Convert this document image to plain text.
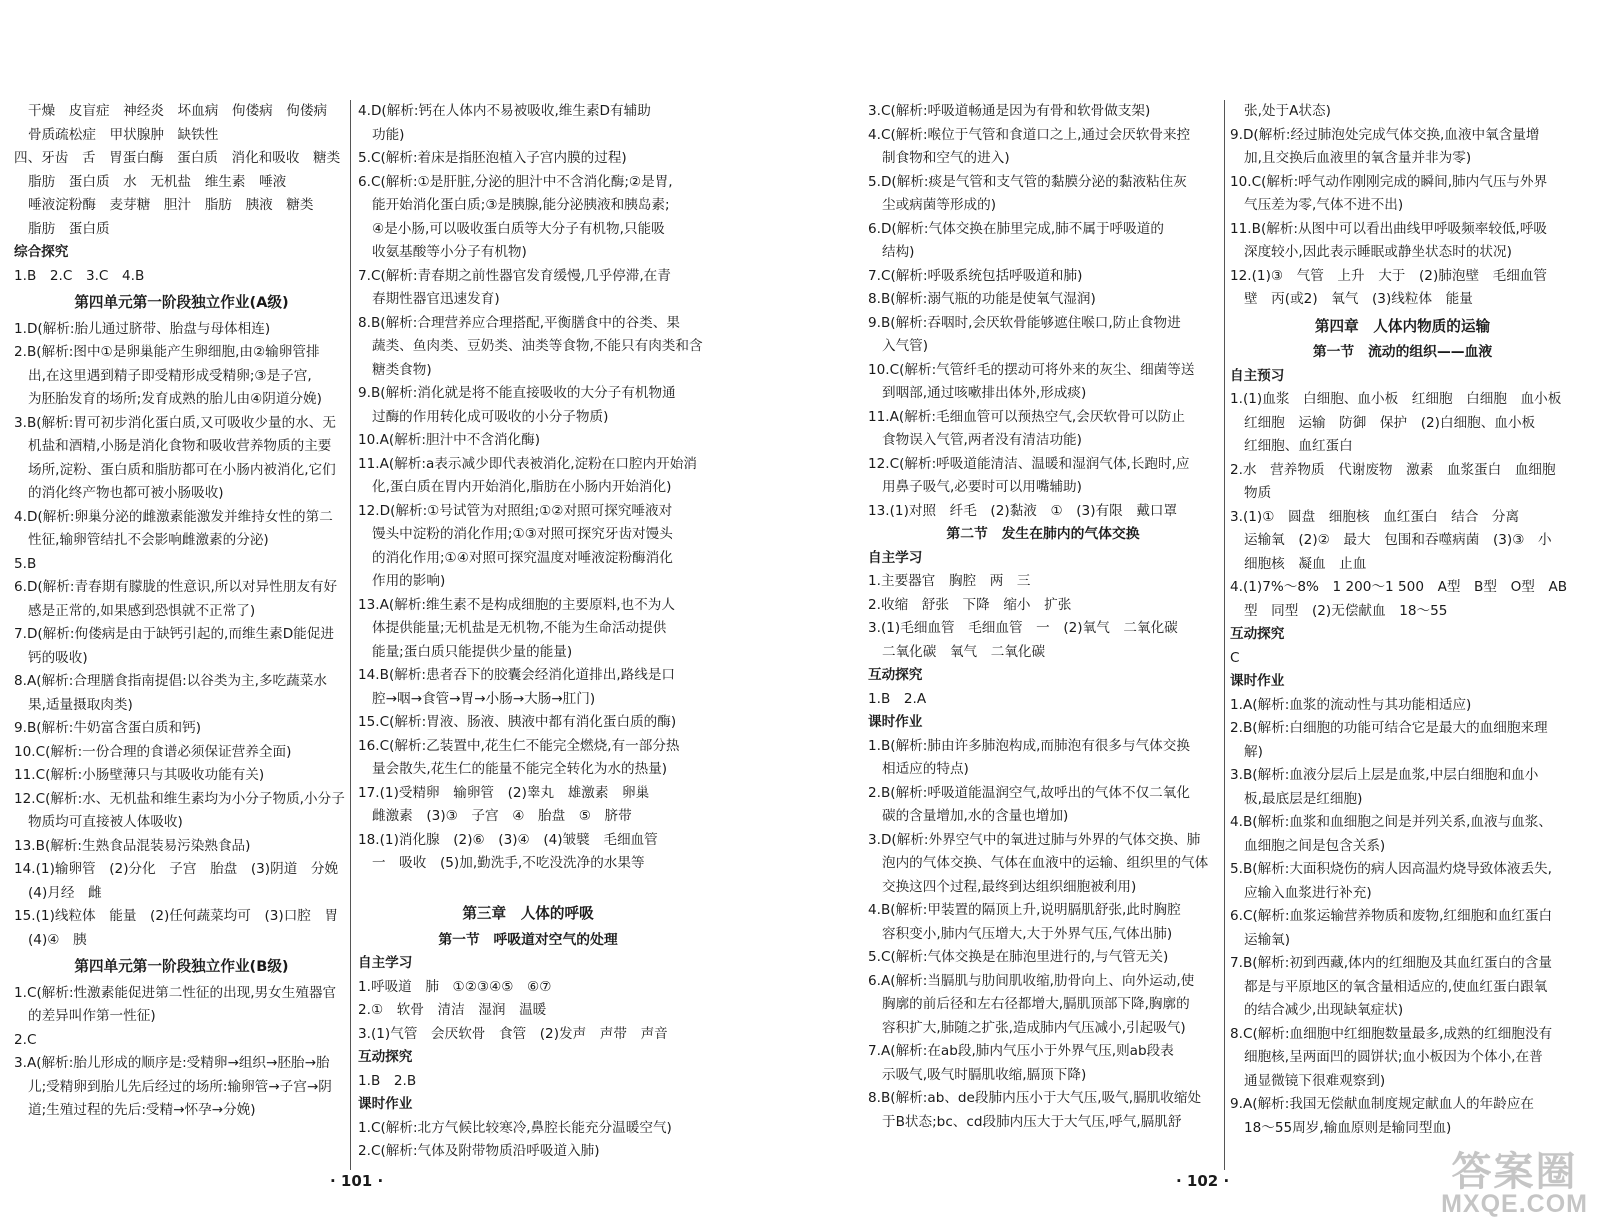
干燥　皮盲症　神经炎　坏血病　佝偻病　佝偻病

骨质疏松症　甲状腺肿　缺铁性

四、牙齿　舌　胃蛋白酶　蛋白质　消化和吸收　糖类

脂肪　蛋白质　水　无机盐　维生素　唾液

唾液淀粉酶　麦芽糖　胆汁　脂肪　胰液　糖类

脂肪　蛋白质

综合探究

1.B　2.C　3.C　4.B

第四单元第一阶段独立作业(A级)

1.D(解析:胎儿通过脐带、胎盘与母体相连)

2.B(解析:图中①是卵巢能产生卵细胞,由②输卵管排

出,在这里遇到精子即受精形成受精卵;③是子宫,

为胚胎发育的场所;发育成熟的胎儿由④阴道分娩)

3.B(解析:胃可初步消化蛋白质,又可吸收少量的水、无

机盐和酒精,小肠是消化食物和吸收营养物质的主要

场所,淀粉、蛋白质和脂肪都可在小肠内被消化,它们

的消化终产物也都可被小肠吸收)

4.D(解析:卵巢分泌的雌激素能激发并维持女性的第二

性征,输卵管结扎不会影响雌激素的分泌)

5.B

6.D(解析:青春期有朦胧的性意识,所以对异性朋友有好

感是正常的,如果感到恐惧就不正常了)

7.D(解析:佝偻病是由于缺钙引起的,而维生素D能促进

钙的吸收)

8.A(解析:合理膳食指南提倡:以谷类为主,多吃蔬菜水

果,适量摄取肉类)

9.B(解析:牛奶富含蛋白质和钙)

10.C(解析:一份合理的食谱必须保证营养全面)

11.C(解析:小肠壁薄只与其吸收功能有关)

12.C(解析:水、无机盐和维生素均为小分子物质,小分子

物质均可直接被人体吸收)

13.B(解析:生熟食品混装易污染熟食品)

14.(1)输卵管　(2)分化　子宫　胎盘　(3)阴道　分娩

(4)月经　雌

15.(1)线粒体　能量　(2)任何蔬菜均可　(3)口腔　胃

(4)④　胰

第四单元第一阶段独立作业(B级)

1.C(解析:性激素能促进第二性征的出现,男女生殖器官

的差异叫作第一性征)

2.C

3.A(解析:胎儿形成的顺序是:受精卵→组织→胚胎→胎

儿;受精卵到胎儿先后经过的场所:输卵管→子宫→阴

道;生殖过程的先后:受精→怀孕→分娩)

4.D(解析:钙在人体内不易被吸收,维生素D有辅助

功能)

5.C(解析:着床是指胚泡植入子宫内膜的过程)

6.C(解析:①是肝脏,分泌的胆汁中不含消化酶;②是胃,

能开始消化蛋白质;③是胰腺,能分泌胰液和胰岛素;

④是小肠,可以吸收蛋白质等大分子有机物,只能吸

收氨基酸等小分子有机物)

7.C(解析:青春期之前性器官发育缓慢,几乎停滞,在青

春期性器官迅速发育)

8.B(解析:合理营养应合理搭配,平衡膳食中的谷类、果

蔬类、鱼肉类、豆奶类、油类等食物,不能只有肉类和含

糖类食物)

9.B(解析:消化就是将不能直接吸收的大分子有机物通

过酶的作用转化成可吸收的小分子物质)

10.A(解析:胆汁中不含消化酶)

11.A(解析:a表示减少即代表被消化,淀粉在口腔内开始消

化,蛋白质在胃内开始消化,脂肪在小肠内开始消化)

12.D(解析:①号试管为对照组;①②对照可探究唾液对

馒头中淀粉的消化作用;①③对照可探究牙齿对馒头

的消化作用;①④对照可探究温度对唾液淀粉酶消化

作用的影响)

13.A(解析:维生素不是构成细胞的主要原料,也不为人

体提供能量;无机盐是无机物,不能为生命活动提供

能量;蛋白质只能提供少量的能量)

14.B(解析:患者吞下的胶囊会经消化道排出,路线是口

腔→咽→食管→胃→小肠→大肠→肛门)

15.C(解析:胃液、肠液、胰液中都有消化蛋白质的酶)

16.C(解析:乙装置中,花生仁不能完全燃烧,有一部分热

量会散失,花生仁的能量不能完全转化为水的热量)

17.(1)受精卵　输卵管　(2)睾丸　雄激素　卵巢

雌激素　(3)③　子宫　④　胎盘　⑤　脐带

18.(1)消化腺　(2)⑥　(3)④　(4)皱襞　毛细血管

一　吸收　(5)加,勤洗手,不吃没洗净的水果等

第三章　人体的呼吸

第一节　呼吸道对空气的处理

自主学习

1.呼吸道　肺　①②③④⑤　⑥⑦

2.①　软骨　清洁　湿润　温暖

3.(1)气管　会厌软骨　食管　(2)发声　声带　声音

互动探究

1.B　2.B

课时作业

1.C(解析:北方气候比较寒冷,鼻腔长能充分温暖空气)

2.C(解析:气体及附带物质沿呼吸道入肺)

· 101 ·

3.C(解析:呼吸道畅通是因为有骨和软骨做支架)

4.C(解析:喉位于气管和食道口之上,通过会厌软骨来控

制食物和空气的进入)

5.D(解析:痰是气管和支气管的黏膜分泌的黏液粘住灰

尘或病菌等形成的)

6.D(解析:气体交换在肺里完成,肺不属于呼吸道的

结构)

7.C(解析:呼吸系统包括呼吸道和肺)

8.B(解析:溺气瓶的功能是使氧气湿润)

9.B(解析:吞咽时,会厌软骨能够遮住喉口,防止食物进

入气管)

10.C(解析:气管纤毛的摆动可将外来的灰尘、细菌等送

到咽部,通过咳嗽排出体外,形成痰)

11.A(解析:毛细血管可以预热空气,会厌软骨可以防止

食物误入气管,两者没有清洁功能)

12.C(解析:呼吸道能清洁、温暖和湿润气体,长跑时,应

用鼻子吸气,必要时可以用嘴辅助)

13.(1)对照　纤毛　(2)黏液　①　(3)有限　戴口罩

第二节　发生在肺内的气体交换

自主学习

1.主要器官　胸腔　两　三

2.收缩　舒张　下降　缩小　扩张

3.(1)毛细血管　毛细血管　一　(2)氧气　二氧化碳

二氧化碳　氧气　二氧化碳

互动探究

1.B　2.A

课时作业

1.B(解析:肺由许多肺泡构成,而肺泡有很多与气体交换

相适应的特点)

2.B(解析:呼吸道能温润空气,故呼出的气体不仅二氧化

碳的含量增加,水的含量也增加)

3.D(解析:外界空气中的氧进过肺与外界的气体交换、肺

泡内的气体交换、气体在血液中的运输、组织里的气体

交换这四个过程,最终到达组织细胞被利用)

4.B(解析:甲装置的隔顶上升,说明膈肌舒张,此时胸腔

容积变小,肺内气压增大,大于外界气压,气体出肺)

5.C(解析:气体交换是在肺泡里进行的,与气管无关)

6.A(解析:当膈肌与肋间肌收缩,肋骨向上、向外运动,使

胸廓的前后径和左右径都增大,膈肌顶部下降,胸廓的

容积扩大,肺随之扩张,造成肺内气压减小,引起吸气)

7.A(解析:在ab段,肺内气压小于外界气压,则ab段表

示吸气,吸气时膈肌收缩,膈顶下降)

8.B(解析:ab、de段肺内压小于大气压,吸气,膈肌收缩处

于B状态;bc、cd段肺内压大于大气压,呼气,膈肌舒

张,处于A状态)

9.D(解析:经过肺泡处完成气体交换,血液中氧含量增

加,且交换后血液里的氧含量并非为零)

10.C(解析:呼气动作刚刚完成的瞬间,肺内气压与外界

气压差为零,气体不进不出)

11.B(解析:从图中可以看出曲线甲呼吸频率较低,呼吸

深度较小,因此表示睡眠或静坐状态时的状况)

12.(1)③　气管　上升　大于　(2)肺泡壁　毛细血管

壁　丙(或2)　氧气　(3)线粒体　能量

第四章　人体内物质的运输

第一节　流动的组织——血液

自主预习

1.(1)血浆　白细胞、血小板　红细胞　白细胞　血小板

红细胞　运输　防御　保护　(2)白细胞、血小板

红细胞、血红蛋白

2.水　营养物质　代谢废物　激素　血浆蛋白　血细胞

物质

3.(1)①　圆盘　细胞核　血红蛋白　结合　分离

运输氧　(2)②　最大　包围和吞噬病菌　(3)③　小

细胞核　凝血　止血

4.(1)7%～8%　1 200～1 500　A型　B型　O型　AB

型　同型　(2)无偿献血　18～55

互动探究

C

课时作业

1.A(解析:血浆的流动性与其功能相适应)

2.B(解析:白细胞的功能可结合它是最大的血细胞来理

解)

3.B(解析:血液分层后上层是血浆,中层白细胞和血小

板,最底层是红细胞)

4.B(解析:血浆和血细胞之间是并列关系,血液与血浆、

血细胞之间是包含关系)

5.B(解析:大面积烧伤的病人因高温灼烧导致体液丢失,

应输入血浆进行补充)

6.C(解析:血浆运输营养物质和废物,红细胞和血红蛋白

运输氧)

7.B(解析:初到西藏,体内的红细胞及其血红蛋白的含量

都是与平原地区的氧含量相适应的,使血红蛋白跟氧

的结合减少,出现缺氧症状)

8.C(解析:血细胞中红细胞数量最多,成熟的红细胞没有

细胞核,呈两面凹的圆饼状;血小板因为个体小,在普

通显微镜下很难观察到)

9.A(解析:我国无偿献血制度规定献血人的年龄应在

18～55周岁,输血原则是输同型血)

· 102 ·	答案圈
MXQE.COM
